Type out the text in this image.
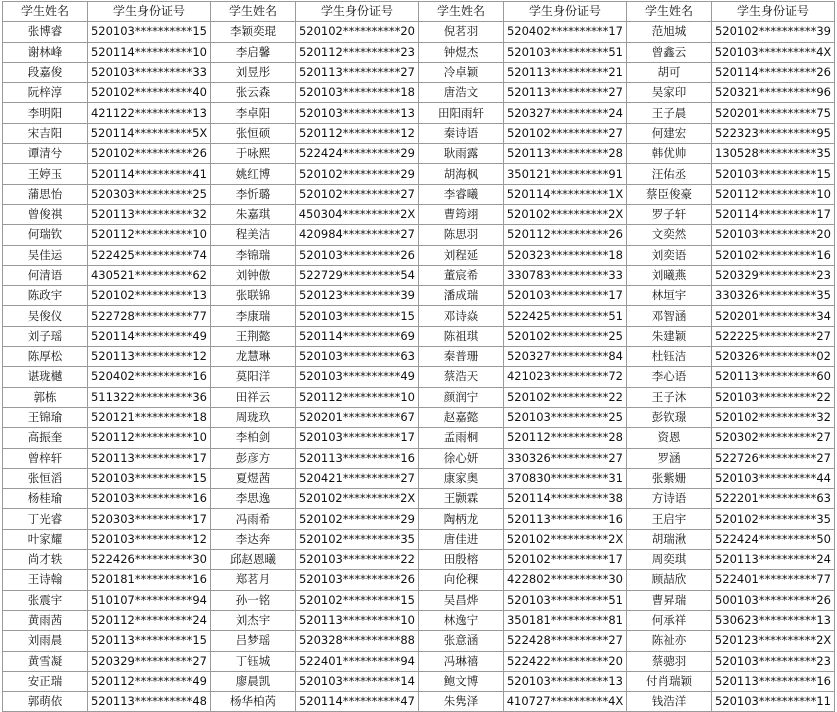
学生姓名	学生身份证号	学生姓名	学生身份证号	学生姓名	学生身份证号	学生姓名	学生身份证号
张博睿	520103**********15	李颖奕琨	520102**********20	倪茗羽	520402**********17	范旭城	520102**********39
谢林峰	520114**********10	李启馨	520112**********23	钟煜杰	520103**********51	曾鑫云	520103**********4X
段嘉俊	520103**********33	刘昱彤	520113**********27	冷卓颖	520113**********21	胡可	520114**********26
阮梓淳	520102**********40	张云森	520103**********18	唐浩文	520113**********27	吴家印	520321**********96
李明阳	421122**********13	李卓阳	520103**********13	田阳雨轩	520327**********24	王子晨	520201**********75
宋吉阳	520114**********5X	张恒硕	520112**********12	秦诗语	520102**********27	何建宏	522323**********95
谭清兮	520102**********26	于咏熙	522424**********29	耿雨露	520113**********28	韩优帅	130528**********35
王婷玉	520114**********41	姚红博	520102**********29	胡海枫	350121**********91	汪佑丞	520103**********15
蒲思怡	520303**********25	李忻璐	520102**********27	李睿曦	520114**********1X	蔡臣俊豪	520112**********10
曾俊祺	520113**********32	朱嘉琪	450304**********2X	曹筠翊	520102**********2X	罗子轩	520114**********17
何瑞钦	520112**********10	程美洁	420984**********27	陈思羽	520112**********26	文奕然	520103**********20
吴佳运	522425**********74	李锦瑞	520103**********26	刘程延	520323**********18	刘奕语	520102**********16
何清语	430521**********62	刘钟傲	522729**********54	董宸希	330783**********33	刘曦燕	520329**********23
陈政宇	520102**********13	张联锦	520123**********39	潘成瑞	520103**********17	林垣宇	330326**********35
吴俊仪	522728**********77	李康瑞	520103**********15	邓诗焱	522425**********51	邓智涵	520201**********34
刘子瑶	520114**********49	王荆懿	520114**********69	陈祖琪	520102**********25	朱建颖	522225**********27
陈厚松	520113**********12	龙慧琳	520103**********63	秦普珊	520327**********84	杜钰洁	520326**********02
谌珑樾	520402**********16	莫阳洋	520103**********49	蔡浩天	421023**********72	李心语	520113**********60
郭栋	511322**********36	田祥云	520112**********10	颜润宁	520102**********22	王子沐	520103**********22
王锦瑜	520121**********18	周珑玖	520201**********67	赵嘉懿	520103**********25	彭钦璟	520102**********32
高振奎	520112**********10	李柏剑	520103**********17	孟雨桐	520112**********28	资恩	520302**********27
曾梓轩	520113**********17	彭彦方	520113**********16	徐心妍	330326**********27	罗涵	522726**********27
张恒滔	520103**********15	夏煜茜	520421**********27	康家奥	370830**********31	张紫姗	520103**********44
杨桂瑜	520103**********16	李思逸	520102**********2X	王颢霖	520114**********38	方诗语	522201**********63
丁光睿	520303**********17	冯雨希	520102**********29	陶柄龙	520113**********16	王启宇	520102**********35
叶家耀	520103**********12	李达奔	520102**********35	唐佳进	520102**********2X	胡瑞湫	522424**********50
尚才轶	522426**********30	邱赵恩曦	520103**********22	田殷榕	520102**********17	周奕琪	520113**********24
王诗翰	520181**********16	郑茗月	520103**********26	向伦稞	422802**********30	顾喆欣	522401**********77
张震宇	510107**********94	孙一铭	520102**********15	吴昌烨	520103**********51	曹昇瑞	500103**********26
黄雨茜	520112**********24	刘杰宇	520113**********10	林逸宁	350181**********81	何承祥	530623**********13
刘雨晨	520113**********15	吕梦瑶	520328**********88	张意涵	522428**********27	陈祉亦	520123**********2X
黄雪凝	520329**********27	丁钰城	522401**********94	冯琳禧	522422**********20	蔡骢羽	520103**********23
安正瑞	520112**********49	廖晨凯	520103**********14	鲍文博	520103**********13	付肖瑞颖	520113**********16
郭萌依	520113**********48	杨华柏芮	520114**********47	朱隽泽	410727**********4X	钱浩洋	520103**********11
